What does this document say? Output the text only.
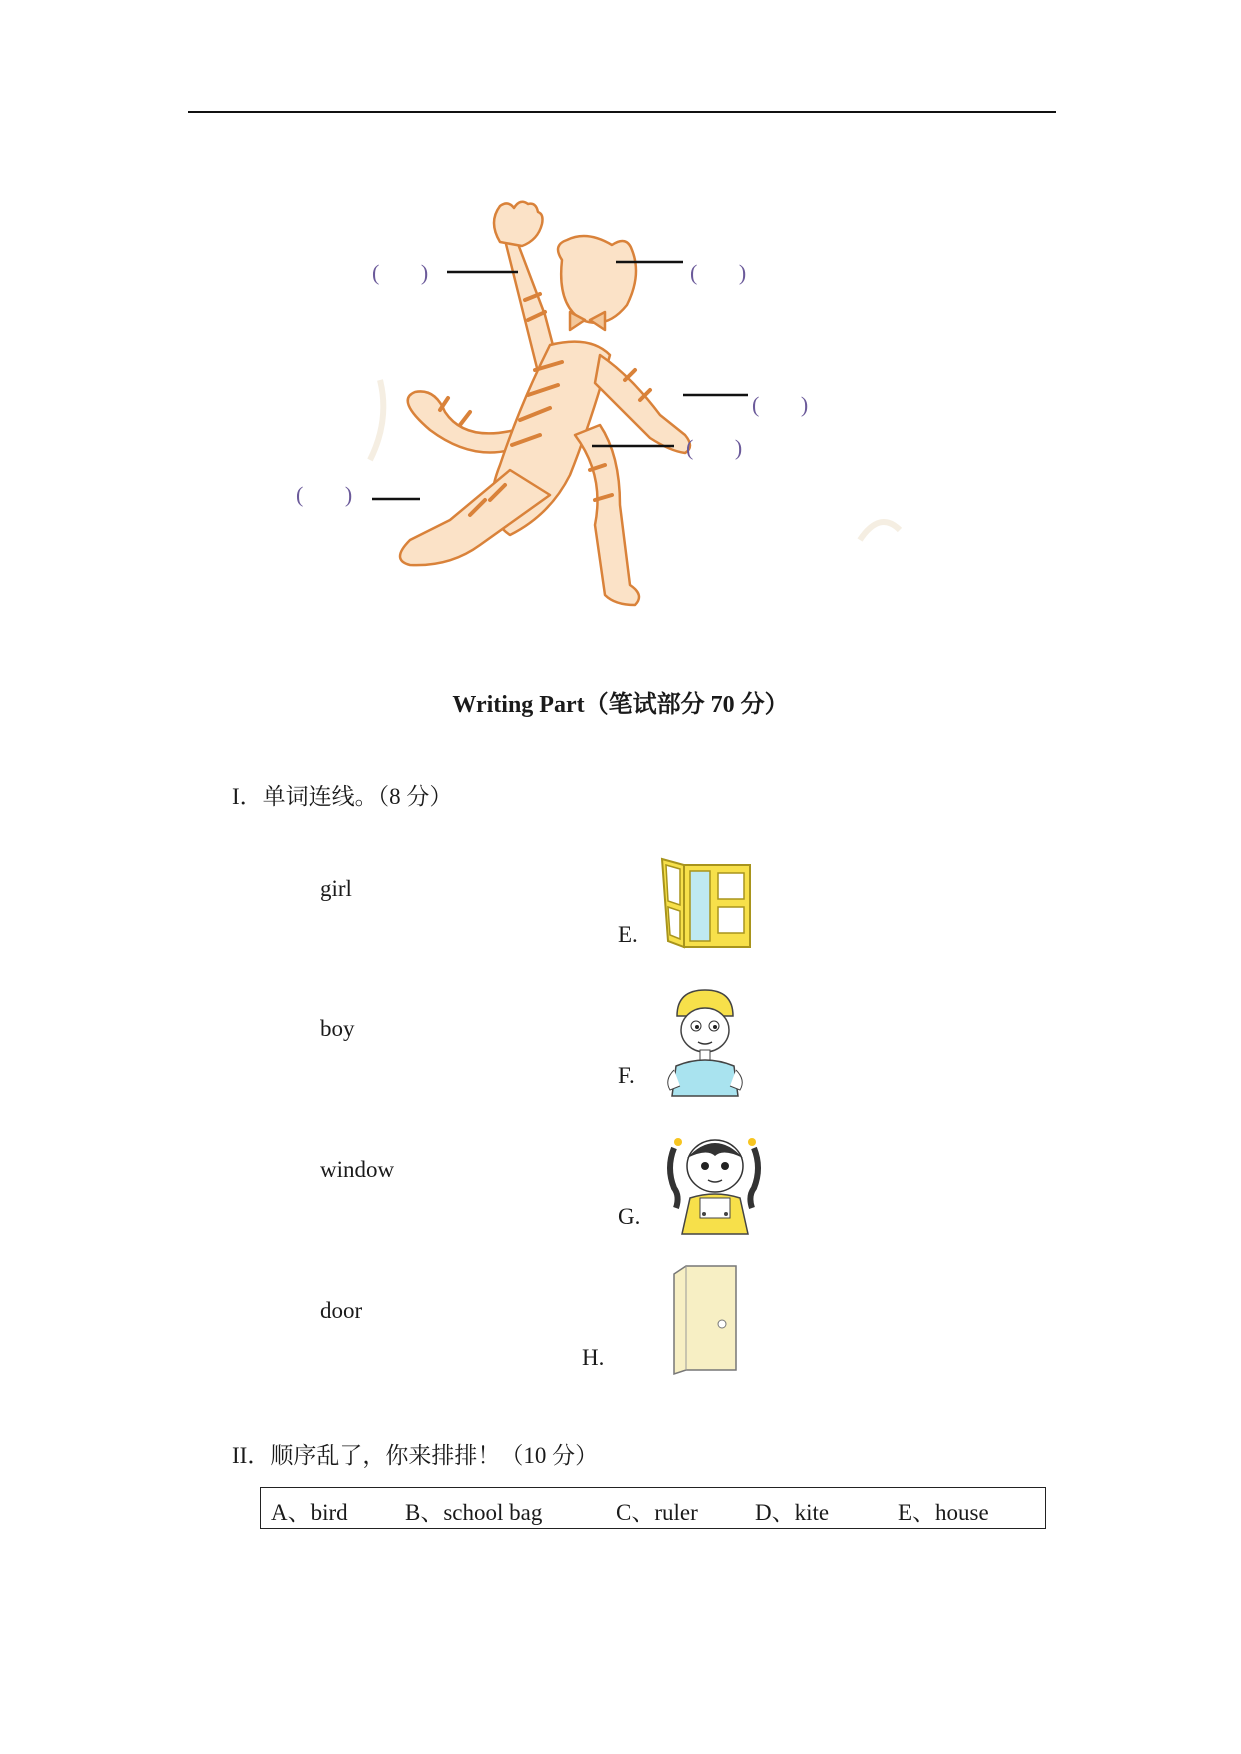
( )	( )
( )
( )
( )
Writing Part（笔试部分 70 分）
I．单词连线。（8 分）
girl
boy
window
door
E.
F.
G.
H.
II．顺序乱了，你来排排！（10 分）
A、bird B、school bag	C、ruler D、kite	E、house
